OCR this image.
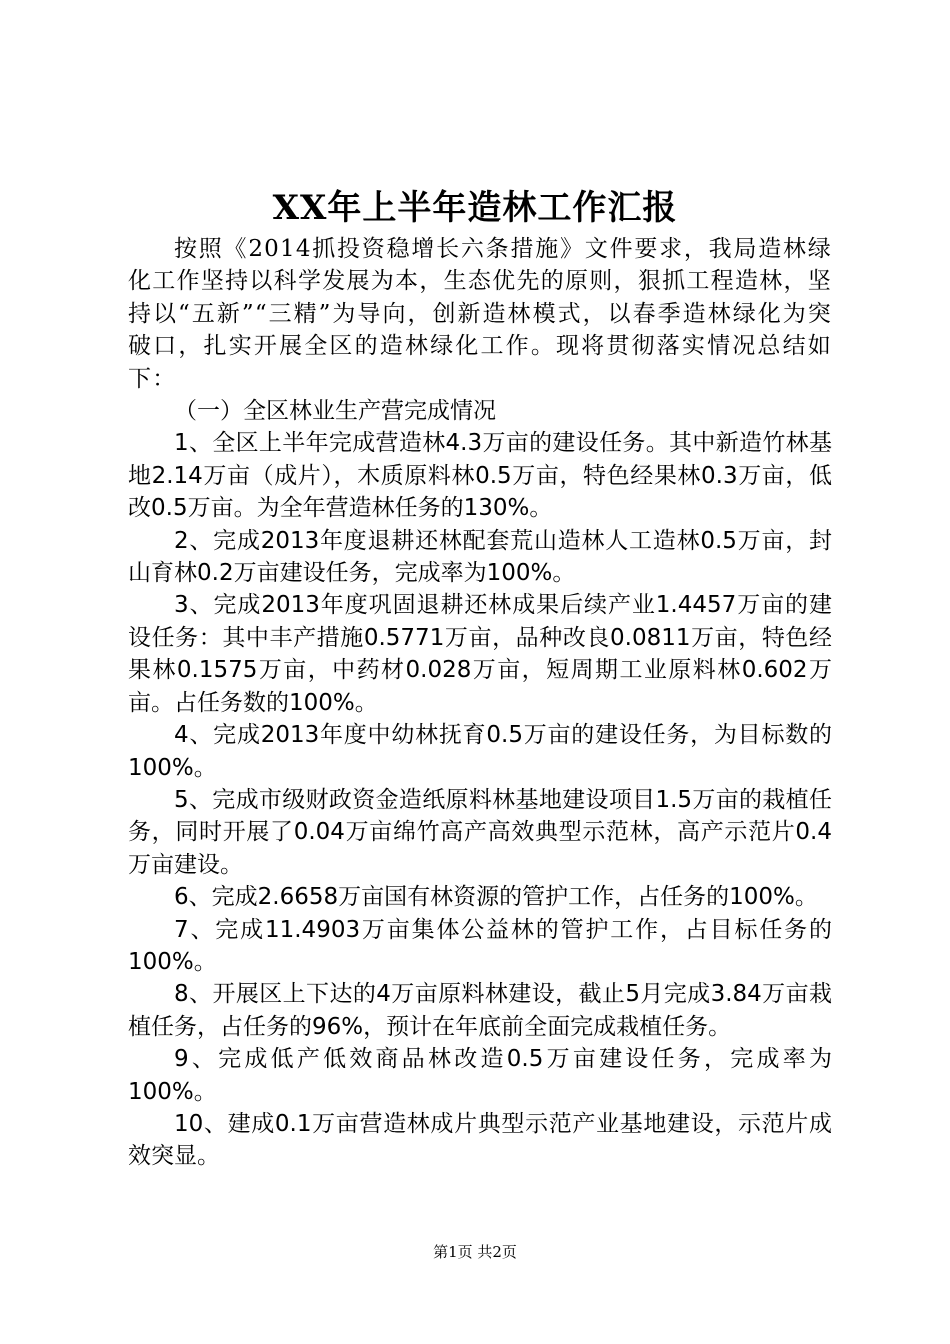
XX年上半年造林工作汇报

按照《2014抓投资稳增长六条措施》文件要求，我局造林绿化工作坚持以科学发展为本，生态优先的原则，狠抓工程造林，坚持以“五新”“三精”为导向，创新造林模式，以春季造林绿化为突破口，扎实开展全区的造林绿化工作。现将贯彻落实情况总结如下：

（一）全区林业生产营完成情况

1、全区上半年完成营造林4.3万亩的建设任务。其中新造竹林基地2.14万亩（成片），木质原料林0.5万亩，特色经果林0.3万亩，低改0.5万亩。为全年营造林任务的130%。

2、完成2013年度退耕还林配套荒山造林人工造林0.5万亩，封山育林0.2万亩建设任务，完成率为100%。

3、完成2013年度巩固退耕还林成果后续产业1.4457万亩的建设任务：其中丰产措施0.5771万亩，品种改良0.0811万亩，特色经果林0.1575万亩，中药材0.028万亩，短周期工业原料林0.602万亩。占任务数的100%。

4、完成2013年度中幼林抚育0.5万亩的建设任务，为目标数的100%。

5、完成市级财政资金造纸原料林基地建设项目1.5万亩的栽植任务，同时开展了0.04万亩绵竹高产高效典型示范林，高产示范片0.4万亩建设。

6、完成2.6658万亩国有林资源的管护工作，占任务的100%。

7、完成11.4903万亩集体公益林的管护工作，占目标任务的100%。

8、开展区上下达的4万亩原料林建设，截止5月完成3.84万亩栽植任务，占任务的96%，预计在年底前全面完成栽植任务。

9、完成低产低效商品林改造0.5万亩建设任务，完成率为100%。

10、建成0.1万亩营造林成片典型示范产业基地建设，示范片成效突显。

第1页 共2页
